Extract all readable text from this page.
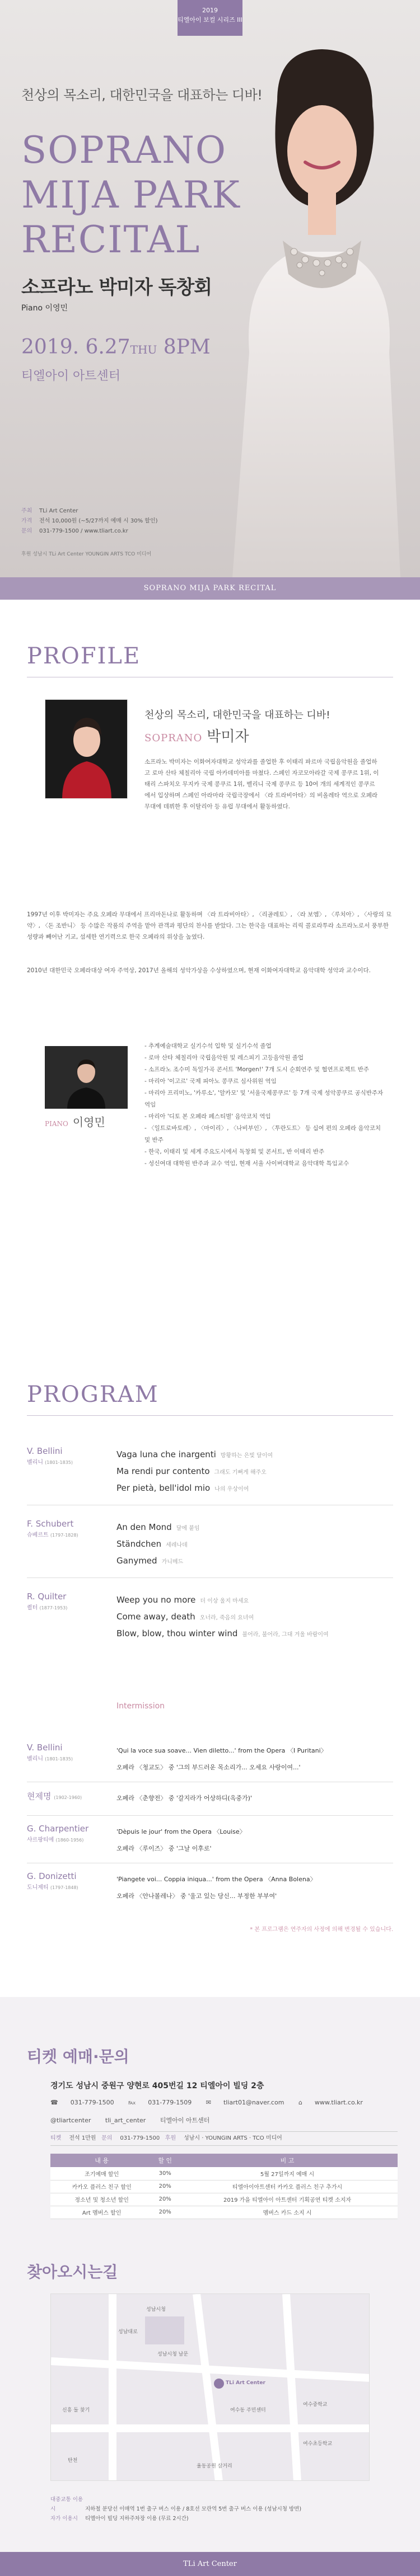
2019
티엘아이 보컬 시리즈 III
천상의 목소리, 대한민국을 대표하는 디바!
SOPRANO
MIJA PARK
RECITAL
소프라노 박미자 독창회
Piano 이영민
2019. 6.27THU 8PM
티엘아이 아트센터
주최 TLi Art Center
가격 전석 10,000원 (~5/27까지 예매 시 30% 할인)
문의 031-779-1500 / www.tliart.co.kr
후원 성남시 TLi Art Center YOUNGIN ARTS TCO 미디어
SOPRANO MIJA PARK RECITAL
PROFILE
천상의 목소리, 대한민국을 대표하는 디바!
SOPRANO 박미자
소프라노 박미자는 이화여자대학교 성악과를 졸업한 후 이태리 파르마 국립음악원을 졸업하고 로마 산타 체칠리아 국립 아카데미아를 마쳤다. 스페인 자코모아라갈 국제 콩쿠르 1위, 이태리 스파치오 무지카 국제 콩쿠르 1위, 벨리니 국제 콩쿠르 등 10여 개의 세계적인 콩쿠르에서 입상하며 스페인 아라마라 국립극장에서 〈라 트라비아타〉의 비올레타 역으로 오페라 무대에 데뷔한 후 이탈리아 등 유럽 무대에서 활동하였다.
1997년 이후 박미자는 주요 오페라 무대에서 프리마돈나로 활동하며 〈라 트라비아타〉, 〈리골레토〉, 〈라 보엠〉, 〈루치아〉, 〈사랑의 묘약〉, 〈돈 조반니〉 등 수많은 작품의 주역을 맡아 관객과 평단의 찬사를 받았다. 그는 한국을 대표하는 리릭 콜로라투라 소프라노로서 풍부한 성량과 빼어난 기교, 섬세한 연기력으로 한국 오페라의 위상을 높였다.
2010년 대한민국 오페라대상 여자 주역상, 2017년 올해의 성악가상을 수상하였으며, 현재 이화여자대학교 음악대학 성악과 교수이다.
PIANO 이영민
- 추계예술대학교 실기수석 입학 및 실기수석 졸업
- 로마 산타 체칠리아 국립음악원 및 레스피기 고등음악원 졸업
- 소프라노 조수미 독일가곡 콘서트 'Morgen!' 7개 도시 순회연주 및 협연프로젝트 반주
- 마리아 '이고르' 국제 피아노 콩쿠르 심사위원 역임
- 마리아 프리미노, '카루소', '알카모' 및 '서울국제콩쿠르' 등 7개 국제 성악콩쿠르 공식반주자 역임
- 마리아 '디토 본 오페라 페스티벌' 음악코치 역임
- 〈일트로바토레〉, 〈마이리〉, 〈나비부인〉, 〈투란도트〉 등 십여 편의 오페라 음악코치 및 반주
- 한국, 이태리 및 세계 주요도시에서 독창회 및 콘서트, 반 이태리 반주
- 성신여대 대학원 반주과 교수 역임, 현재 서울 사이버대학교 음악대학 특임교수
PROGRAM
V. Bellini
벨리니 (1801-1835)
Vaga luna che inargenti 방황하는 은빛 달이여
Ma rendi pur contento 그래도 기뻐게 해주오
Per pietà, bell'idol mio 나의 우상이여
F. Schubert
슈베르트 (1797-1828)
An den Mond 달에 붙임
Ständchen 세레나데
Ganymed 가니메드
R. Quilter
퀼터 (1877-1953)
Weep you no more 더 이상 울지 마세요
Come away, death 오너라, 죽음의 요녀여
Blow, blow, thou winter wind 불어라, 불어라, 그대 겨울 바람이여
Intermission
V. Bellini
벨리니 (1801-1835)
'Qui la voce sua soave... Vien diletto...' from the Opera 〈I Puritani〉
오페라 〈청교도〉 중 '그의 부드러운 목소리가... 오세요 사랑이여...'
현제명 (1902-1960)	오페라 〈춘향전〉 중 '갈지라가 어상하디(옥중가)'
G. Charpentier
샤르팡티에 (1860-1956)
'Dèpuis le jour' from the Opera 〈Louise〉
오페라 〈루이즈〉 중 '그날 이후로'
G. Donizetti
도니제티 (1797-1848)
'Piangete voi... Coppia iniqua...' from the Opera 〈Anna Bolena〉
오페라 〈안나볼레나〉 중 '울고 있는 당신... 부정한 부부여'
* 본 프로그램은 연주자의 사정에 의해 변경될 수 있습니다.
티켓 예매·문의
경기도 성남시 중원구 양현로 405번길 12 티엘아이 빌딩 2층
☎ 031-779-1500 ℻ 031-779-1509 ✉ tliart01@naver.com ⌂ www.tliart.co.kr
@tliartcenter tli_art_center 티엘아이 아트센터
티켓 전석 1만원 문의 031-779-1500 후원 성남시 · YOUNGIN ARTS · TCO 미디어
내 용	할 인	비 고
조기예매 할인	30%	5월 27일까지 예매 시
카카오 플러스 친구 할인	20%	티엘아이아트센터 카카오 플러스 친구 추가시
정소년 및 청소년 할인	20%	2019 가을 티엘아이 아트센터 기획공연 티켓 소지자
Art 멤버스 할인	20%	멤버스 카드 소지 시
찾아오시는길
성남시청
성남시청 남문
TLi Art Center
여수동 주민센터
탄천
성남대로
여수초등학교
여수중학교
율동공원 삼거리
신흥 돌 찾기
대중교통 이용시	지하철 분당선 이매역 1번 출구 버스 이용 / 8호선 모란역 5번 출구 버스 이용 (성남시청 방면)
자가 이용시 티엘아이 빌딩 지하주차장 이용 (무료 2시간)
TLi Art Center
